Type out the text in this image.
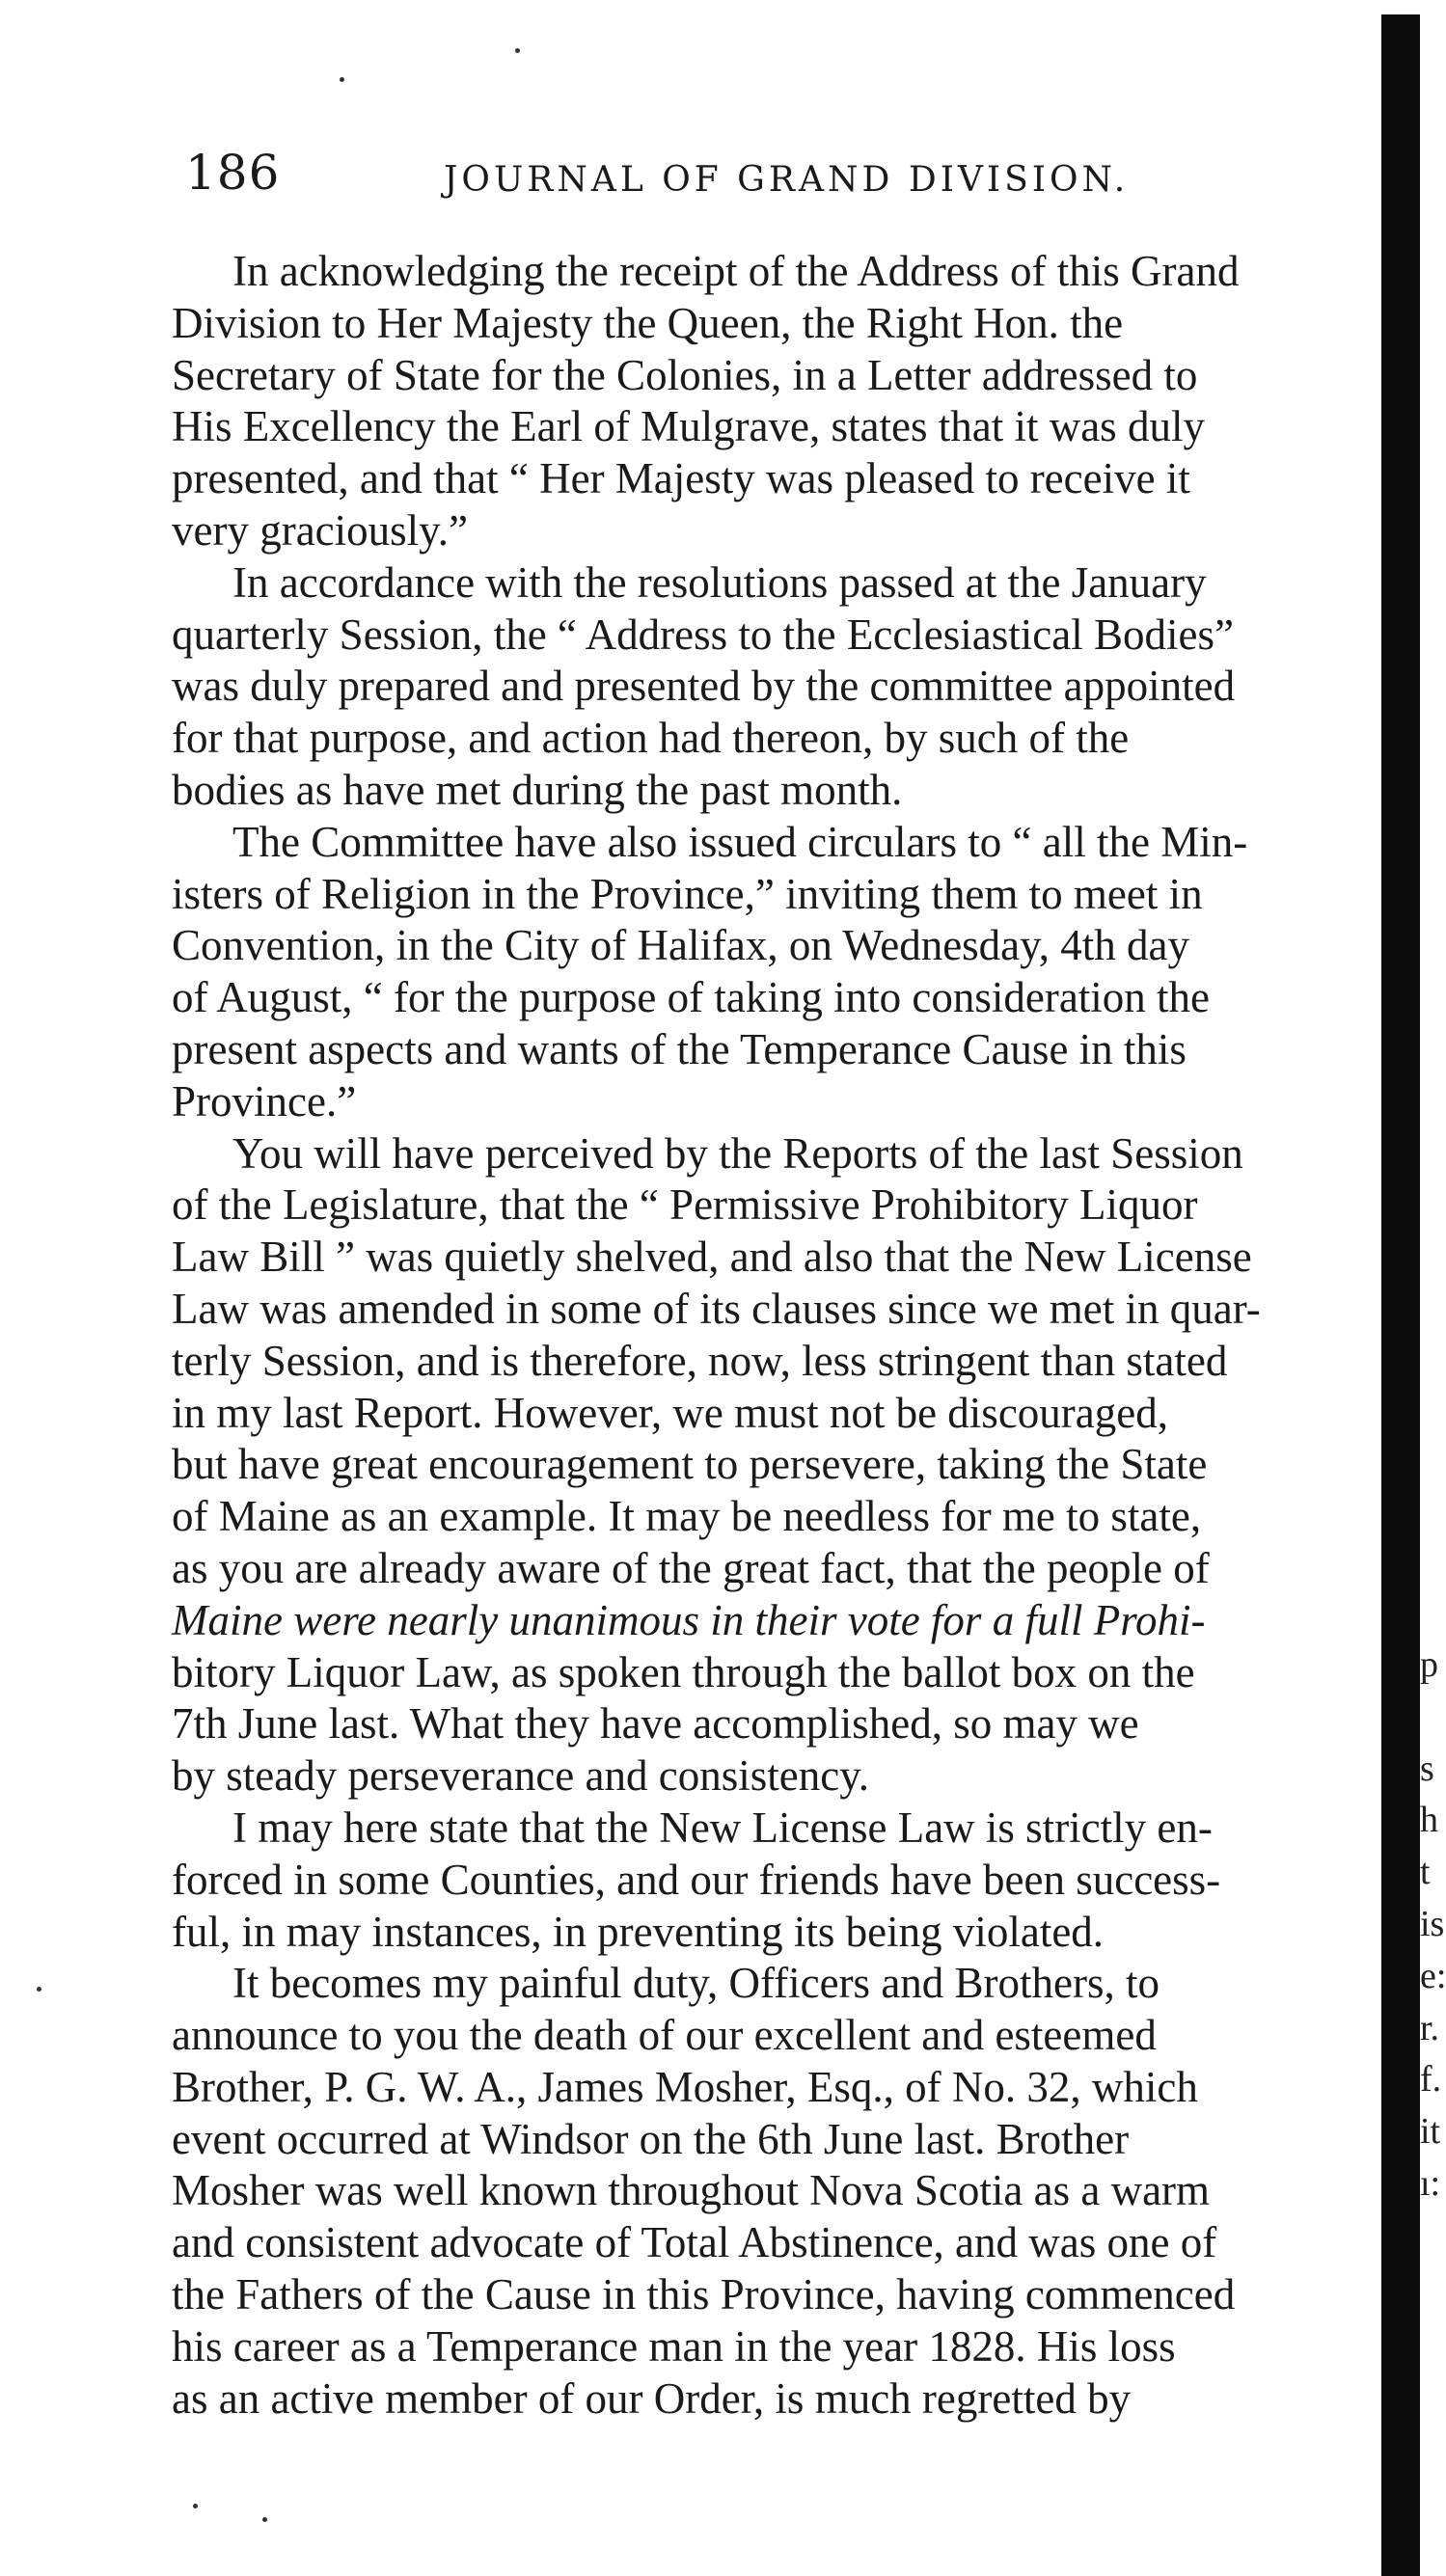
186	JOURNAL OF GRAND DIVISION.
In acknowledging the receipt of the Address of this Grand
Division to Her Majesty the Queen, the Right Hon. the
Secretary of State for the Colonies, in a Letter addressed to
His Excellency the Earl of Mulgrave, states that it was duly
presented, and that “ Her Majesty was pleased to receive it
very graciously.”
In accordance with the resolutions passed at the January
quarterly Session, the “ Address to the Ecclesiastical Bodies”
was duly prepared and presented by the committee appointed
for that purpose, and action had thereon, by such of the
bodies as have met during the past month.
The Committee have also issued circulars to “ all the Min-
isters of Religion in the Province,” inviting them to meet in
Convention, in the City of Halifax, on Wednesday, 4th day
of August, “ for the purpose of taking into consideration the
present aspects and wants of the Temperance Cause in this
Province.”
You will have perceived by the Reports of the last Session
of the Legislature, that the “ Permissive Prohibitory Liquor
Law Bill ” was quietly shelved, and also that the New License
Law was amended in some of its clauses since we met in quar-
terly Session, and is therefore, now, less stringent than stated
in my last Report. However, we must not be discouraged,
but have great encouragement to persevere, taking the State
of Maine as an example. It may be needless for me to state,
as you are already aware of the great fact, that the people of
Maine were nearly unanimous in their vote for a full Prohi-
bitory Liquor Law, as spoken through the ballot box on the
7th June last. What they have accomplished, so may we
by steady perseverance and consistency.
I may here state that the New License Law is strictly en-
forced in some Counties, and our friends have been success-
ful, in may instances, in preventing its being violated.
It becomes my painful duty, Officers and Brothers, to
announce to you the death of our excellent and esteemed
Brother, P. G. W. A., James Mosher, Esq., of No. 32, which
event occurred at Windsor on the 6th June last. Brother
Mosher was well known throughout Nova Scotia as a warm
and consistent advocate of Total Abstinence, and was one of
the Fathers of the Cause in this Province, having commenced
his career as a Temperance man in the year 1828. His loss
as an active member of our Order, is much regretted by
p
s
h
t
is
e:
r.
f.
it
ı:
